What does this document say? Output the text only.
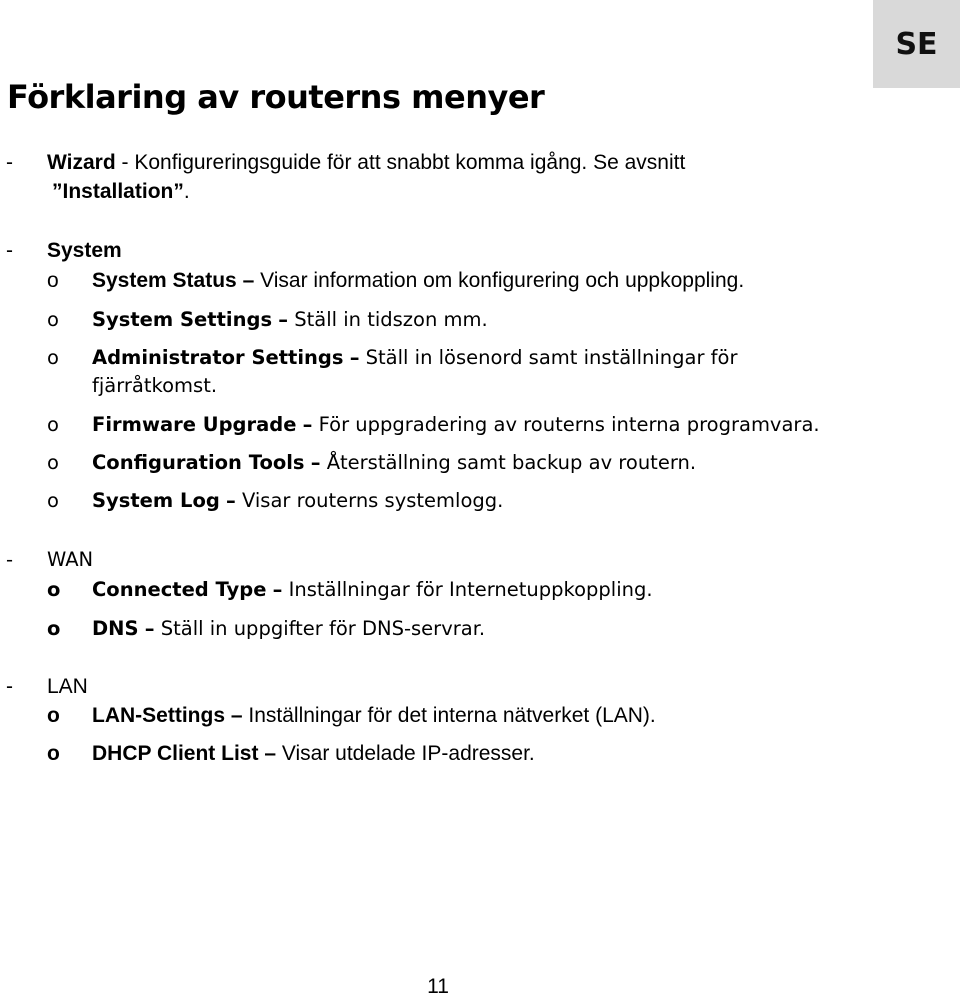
SE
Förklaring av routerns menyer
- Wizard - Konfigureringsguide för att snabbt komma igång. Se avsnitt
”Installation”.
- System
o System Status – Visar information om konfigurering och uppkoppling.
o System Settings – Ställ in tidszon mm.
o Administrator Settings – Ställ in lösenord samt inställningar för
fjärråtkomst.
o Firmware Upgrade – För uppgradering av routerns interna programvara.
o Configuration Tools – Återställning samt backup av routern.
o System Log – Visar routerns systemlogg.
- WAN
o Connected Type – Inställningar för Internetuppkoppling.
o DNS – Ställ in uppgifter för DNS-servrar.
- LAN
o LAN-Settings – Inställningar för det interna nätverket (LAN).
o DHCP Client List – Visar utdelade IP-adresser.
11
